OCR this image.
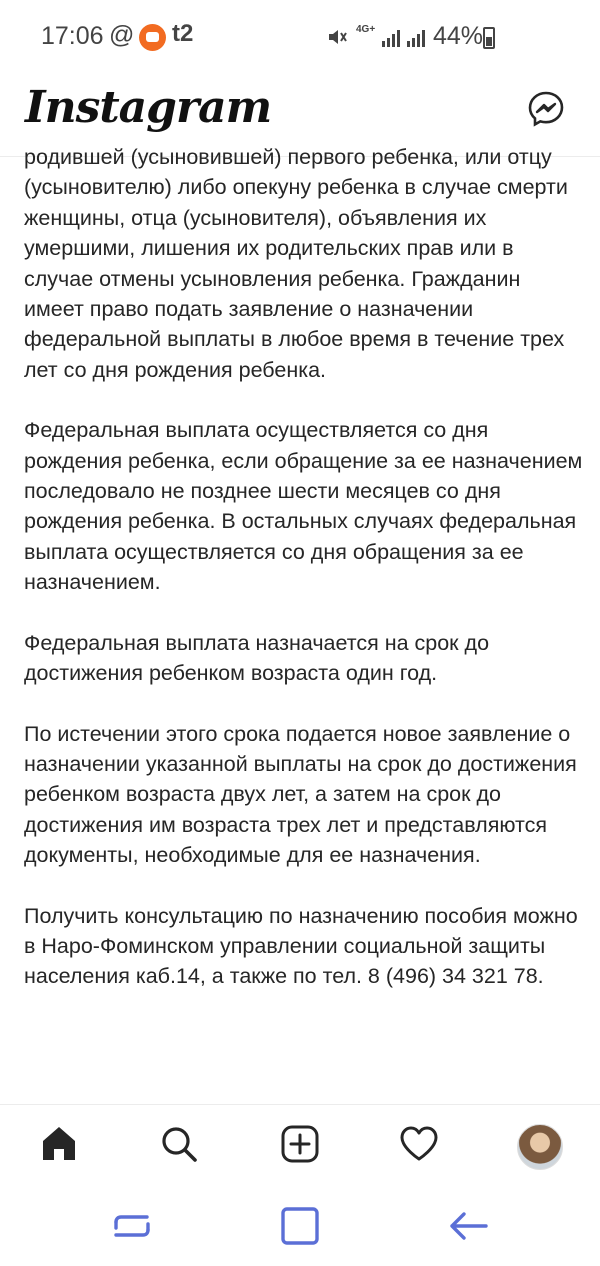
17:06 @ t2	4G+ 44%
Instagram

родившей (усыновившей) первого ребенка, или отцу (усыновителю) либо опекуну ребенка в случае смерти женщины, отца (усыновителя), объявления их умершими, лишения их родительских прав или в случае отмены усыновления ребенка. Гражданин имеет право подать заявление о назначении федеральной выплаты в любое время в течение трех лет со дня рождения ребенка.

Федеральная выплата осуществляется со дня рождения ребенка, если обращение за ее назначением последовало не позднее шести месяцев со дня рождения ребенка. В остальных случаях федеральная выплата осуществляется со дня обращения за ее назначением.

Федеральная выплата назначается на срок до достижения ребенком возраста один год.

По истечении этого срока подается новое заявление о назначении указанной выплаты на срок до достижения ребенком возраста двух лет, а затем на срок до достижения им возраста трех лет и представляются документы, необходимые для ее назначения.

Получить консультацию по назначению пособия можно в Наро-Фоминском управлении социальной защиты населения каб.14, а также по тел. 8 (496) 34 321 78.
